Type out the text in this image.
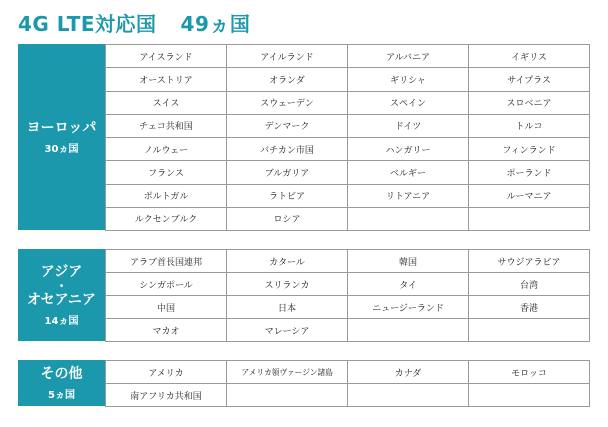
4G LTE対応国 49ヵ国
ヨーロッパ
30ヵ国
アイスランド	アイルランド	アルバニア	イギリス
オーストリア	オランダ	ギリシャ	サイプラス
スイス	スウェーデン	スペイン	スロベニア
チェコ共和国	デンマーク	ドイツ	トルコ
ノルウェー	バチカン市国	ハンガリー	フィンランド
フランス	ブルガリア	ベルギー	ポーランド
ポルトガル	ラトビア	リトアニア	ルーマニア
ルクセンブルク	ロシア		
アジア
・
オセアニア
14ヵ国
アラブ首長国連邦	カタール	韓国	サウジアラビア
シンガポール	スリランカ	タイ	台湾
中国	日本	ニュージーランド	香港
マカオ	マレーシア		
その他
5ヵ国
アメリカ	アメリカ領ヴァージン諸島	カナダ	モロッコ
南アフリカ共和国			
